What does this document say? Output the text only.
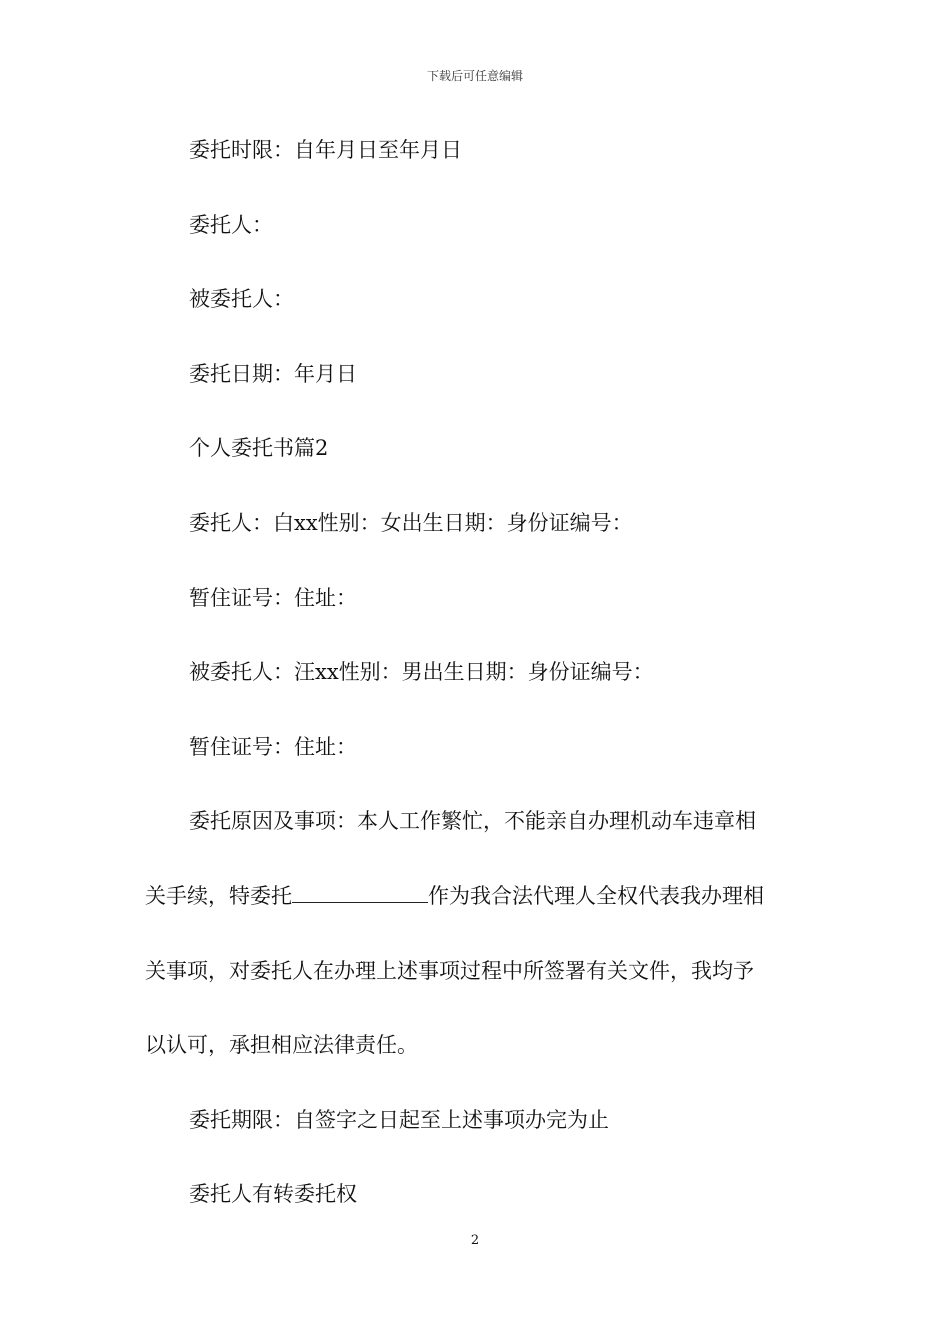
下载后可任意编辑
委托时限：自年月日至年月日
委托人：
被委托人：
委托日期：年月日
个人委托书篇2
委托人：白xx性别：女出生日期：身份证编号：
暂住证号：住址：
被委托人：汪xx性别：男出生日期：身份证编号：
暂住证号：住址：
委托原因及事项：本人工作繁忙，不能亲自办理机动车违章相
关手续，特委托	作为我合法代理人全权代表我办理相
关事项，对委托人在办理上述事项过程中所签署有关文件，我均予
以认可，承担相应法律责任。
委托期限：自签字之日起至上述事项办完为止
委托人有转委托权
2
